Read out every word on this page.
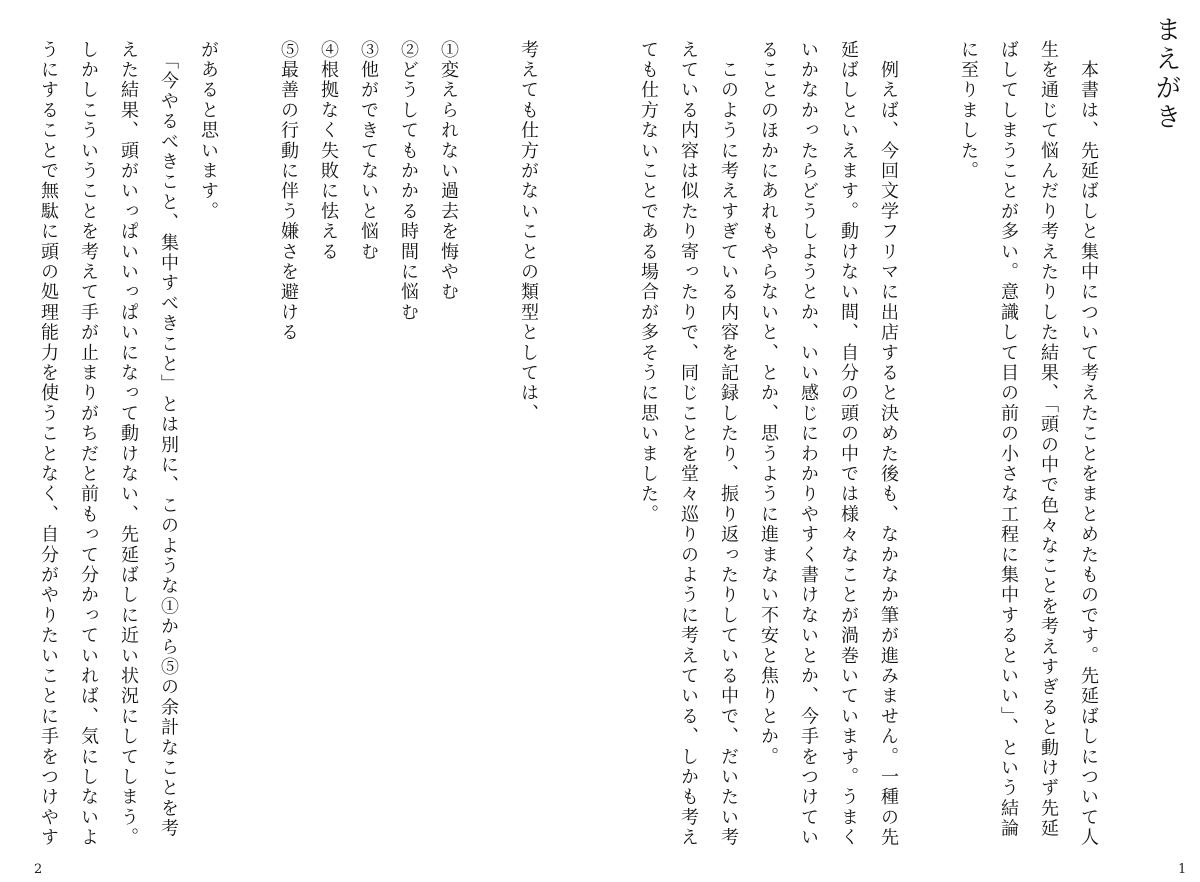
まえがき
　本書は、先延ばしと集中について考えたことをまとめたものです。先延ばしについて人
生を通じて悩んだり考えたりした結果、「頭の中で色々なことを考えすぎると動けず先延
ばしてしまうことが多い。意識して目の前の小さな工程に集中するといい」、という結論
に至りました。
　例えば、今回文学フリマに出店すると決めた後も、なかなか筆が進みません。一種の先
延ばしといえます。動けない間、自分の頭の中では様々なことが渦巻いています。うまく
いかなかったらどうしようとか、いい感じにわかりやすく書けないとか、今手をつけてい
ることのほかにあれもやらないと、とか、思うように進まない不安と焦りとか。
　このように考えすぎている内容を記録したり、振り返ったりしている中で、だいたい考
えている内容は似たり寄ったりで、同じことを堂々巡りのように考えている、しかも考え
ても仕方ないことである場合が多そうに思いました。
1
考えても仕方がないことの類型としては、
①変えられない過去を悔やむ
②どうしてもかかる時間に悩む
③他ができてないと悩む
④根拠なく失敗に怯える
⑤最善の行動に伴う嫌さを避ける
があると思います。
　「今やるべきこと、集中すべきこと」とは別に、このような①から⑤の余計なことを考
えた結果、頭がいっぱいいっぱいになって動けない、先延ばしに近い状況にしてしまう。
しかしこういうことを考えて手が止まりがちだと前もって分かっていれば、気にしないよ
うにすることで無駄に頭の処理能力を使うことなく、自分がやりたいことに手をつけやす
2
